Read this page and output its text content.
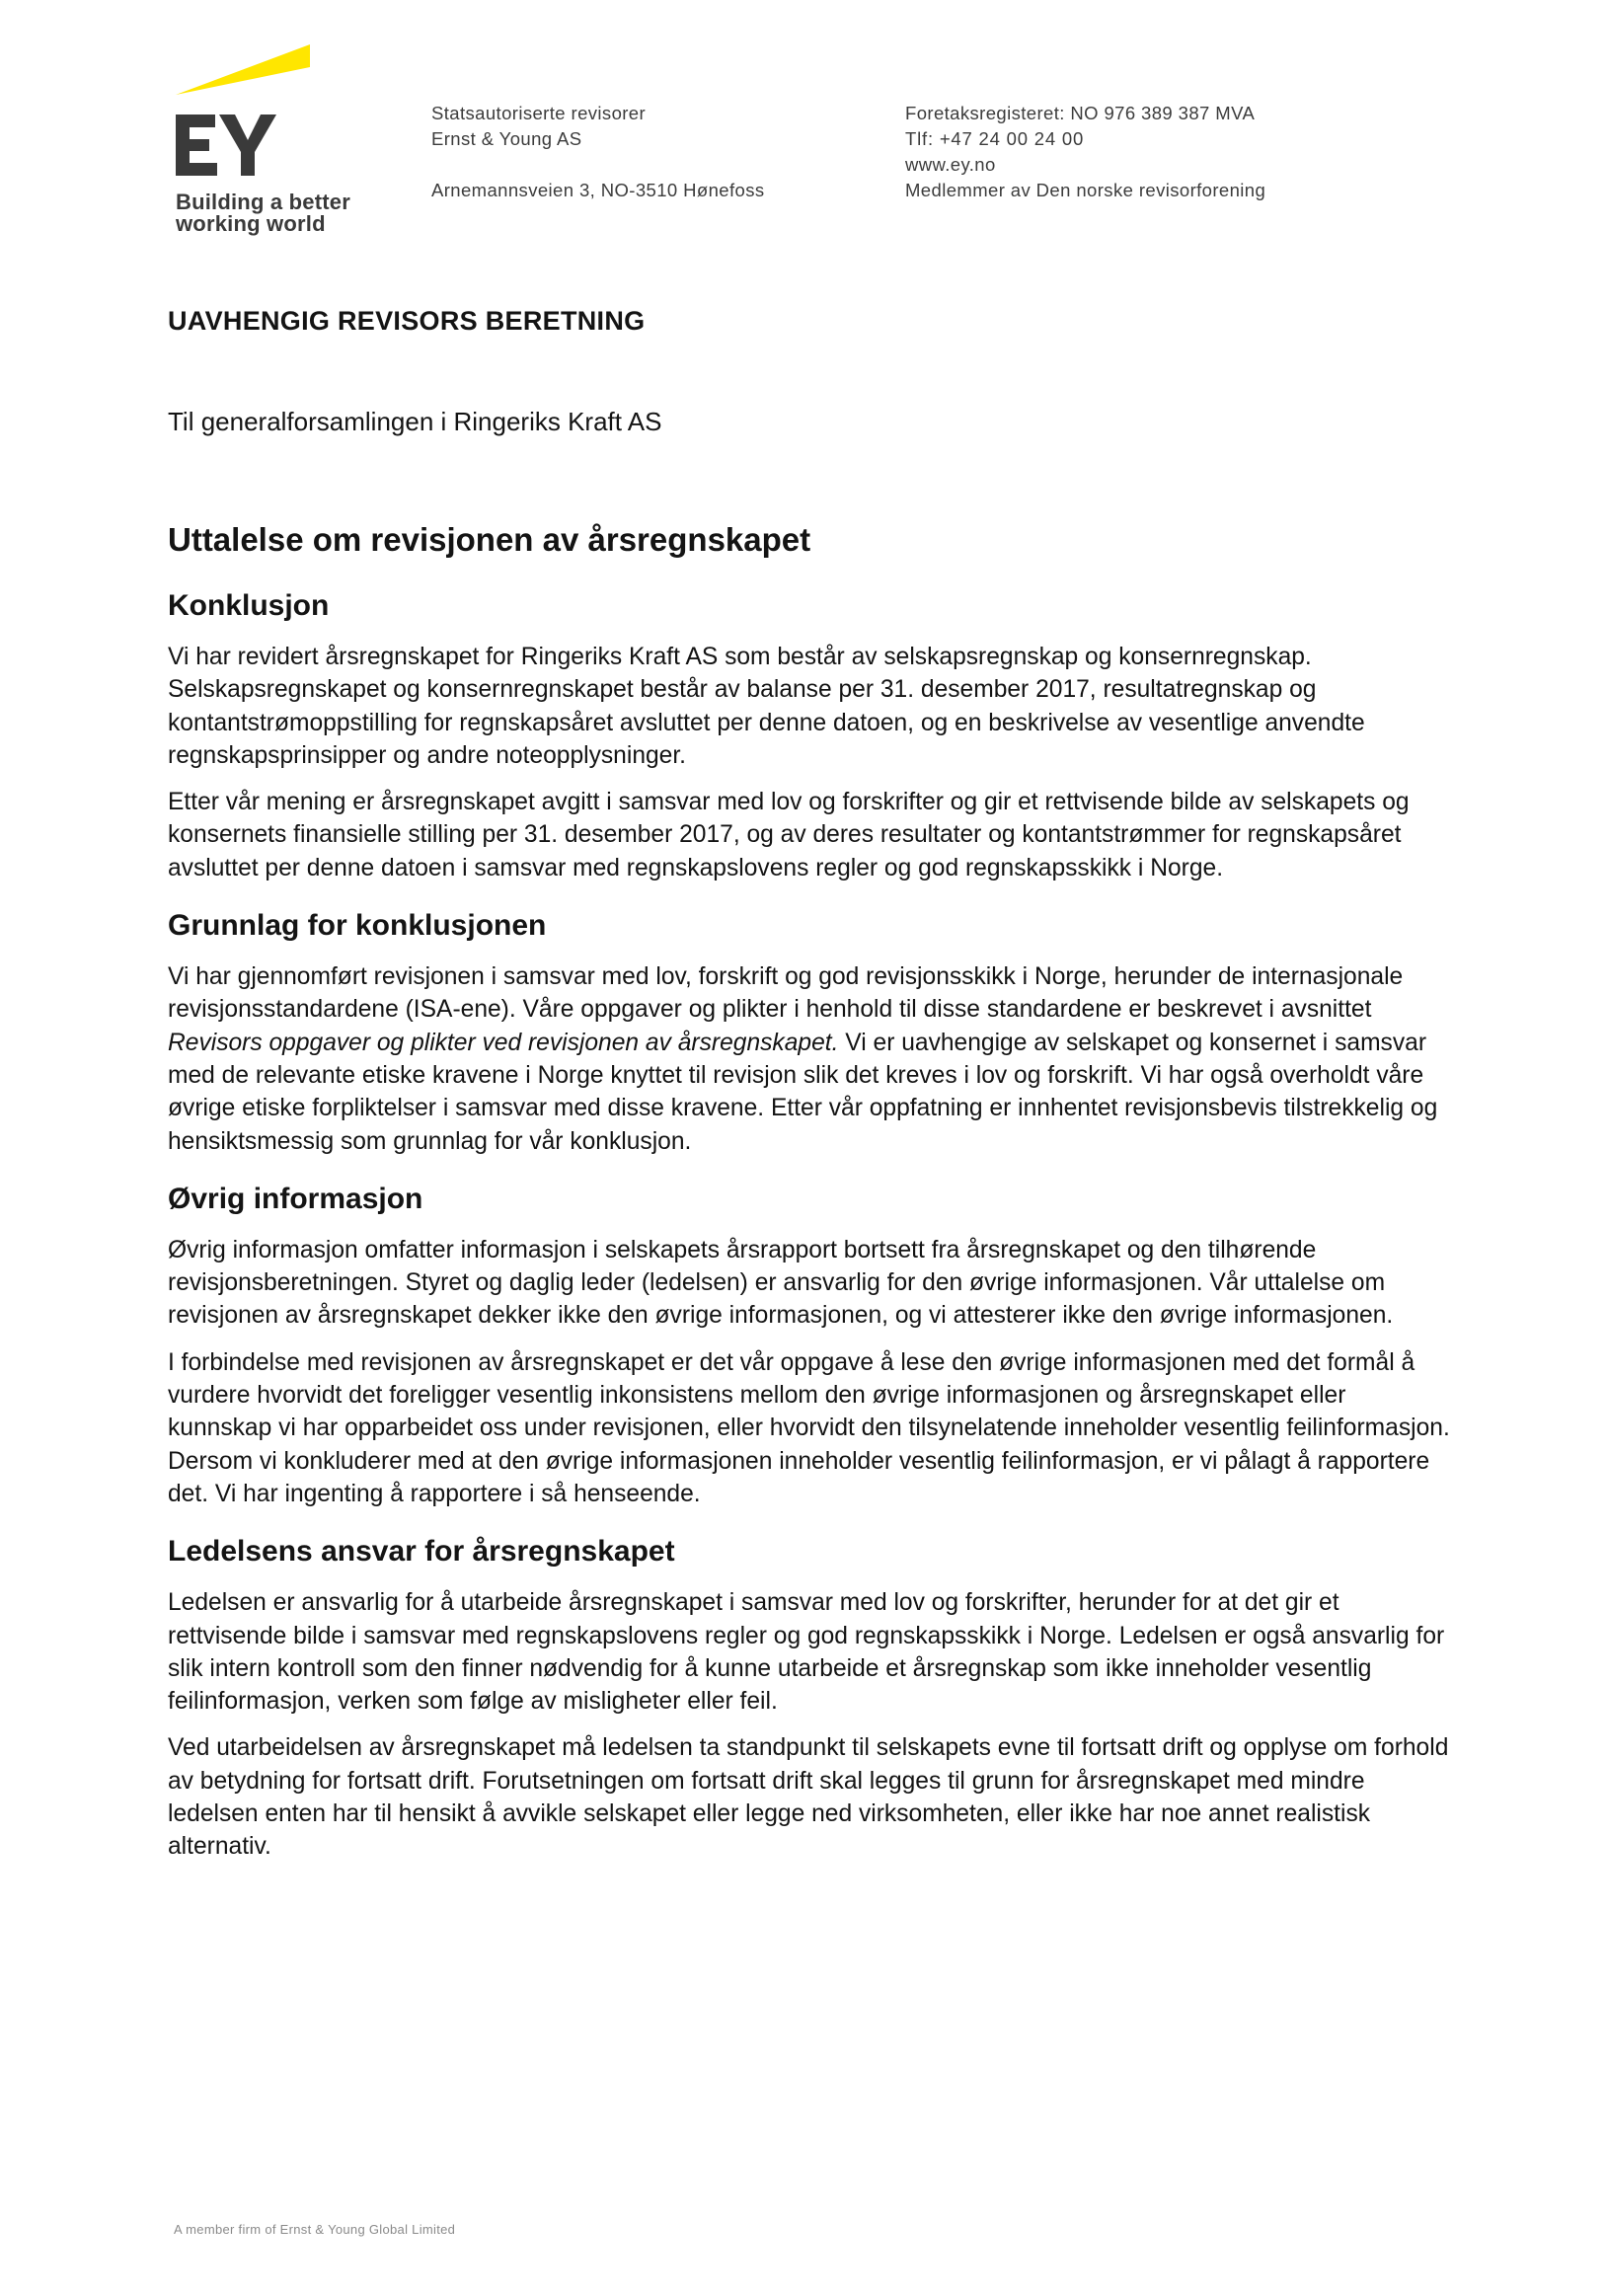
Building a better
working world
Statsautoriserte revisorer
Ernst & Young AS
Arnemannsveien 3, NO-3510 Hønefoss
Foretaksregisteret: NO 976 389 387 MVA
Tlf: +47 24 00 24 00
www.ey.no
Medlemmer av Den norske revisorforening
UAVHENGIG REVISORS BERETNING

Til generalforsamlingen i Ringeriks Kraft AS

Uttalelse om revisjonen av årsregnskapet
Konklusjon

Vi har revidert årsregnskapet for Ringeriks Kraft AS som består av selskapsregnskap og konsernregnskap. Selskapsregnskapet og konsernregnskapet består av balanse per 31. desember 2017, resultatregnskap og kontantstrømoppstilling for regnskapsåret avsluttet per denne datoen, og en beskrivelse av vesentlige anvendte regnskapsprinsipper og andre noteopplysninger.

Etter vår mening er årsregnskapet avgitt i samsvar med lov og forskrifter og gir et rettvisende bilde av selskapets og konsernets finansielle stilling per 31. desember 2017, og av deres resultater og kontantstrømmer for regnskapsåret avsluttet per denne datoen i samsvar med regnskapslovens regler og god regnskapsskikk i Norge.

Grunnlag for konklusjonen

Vi har gjennomført revisjonen i samsvar med lov, forskrift og god revisjonsskikk i Norge, herunder de internasjonale revisjonsstandardene (ISA-ene). Våre oppgaver og plikter i henhold til disse standardene er beskrevet i avsnittet Revisors oppgaver og plikter ved revisjonen av årsregnskapet. Vi er uavhengige av selskapet og konsernet i samsvar med de relevante etiske kravene i Norge knyttet til revisjon slik det kreves i lov og forskrift. Vi har også overholdt våre øvrige etiske forpliktelser i samsvar med disse kravene. Etter vår oppfatning er innhentet revisjonsbevis tilstrekkelig og hensiktsmessig som grunnlag for vår konklusjon.

Øvrig informasjon

Øvrig informasjon omfatter informasjon i selskapets årsrapport bortsett fra årsregnskapet og den tilhørende revisjonsberetningen. Styret og daglig leder (ledelsen) er ansvarlig for den øvrige informasjonen. Vår uttalelse om revisjonen av årsregnskapet dekker ikke den øvrige informasjonen, og vi attesterer ikke den øvrige informasjonen.

I forbindelse med revisjonen av årsregnskapet er det vår oppgave å lese den øvrige informasjonen med det formål å vurdere hvorvidt det foreligger vesentlig inkonsistens mellom den øvrige informasjonen og årsregnskapet eller kunnskap vi har opparbeidet oss under revisjonen, eller hvorvidt den tilsynelatende inneholder vesentlig feilinformasjon. Dersom vi konkluderer med at den øvrige informasjonen inneholder vesentlig feilinformasjon, er vi pålagt å rapportere det. Vi har ingenting å rapportere i så henseende.

Ledelsens ansvar for årsregnskapet

Ledelsen er ansvarlig for å utarbeide årsregnskapet i samsvar med lov og forskrifter, herunder for at det gir et rettvisende bilde i samsvar med regnskapslovens regler og god regnskapsskikk i Norge. Ledelsen er også ansvarlig for slik intern kontroll som den finner nødvendig for å kunne utarbeide et årsregnskap som ikke inneholder vesentlig feilinformasjon, verken som følge av misligheter eller feil.

Ved utarbeidelsen av årsregnskapet må ledelsen ta standpunkt til selskapets evne til fortsatt drift og opplyse om forhold av betydning for fortsatt drift. Forutsetningen om fortsatt drift skal legges til grunn for årsregnskapet med mindre ledelsen enten har til hensikt å avvikle selskapet eller legge ned virksomheten, eller ikke har noe annet realistisk alternativ.

A member firm of Ernst & Young Global Limited
